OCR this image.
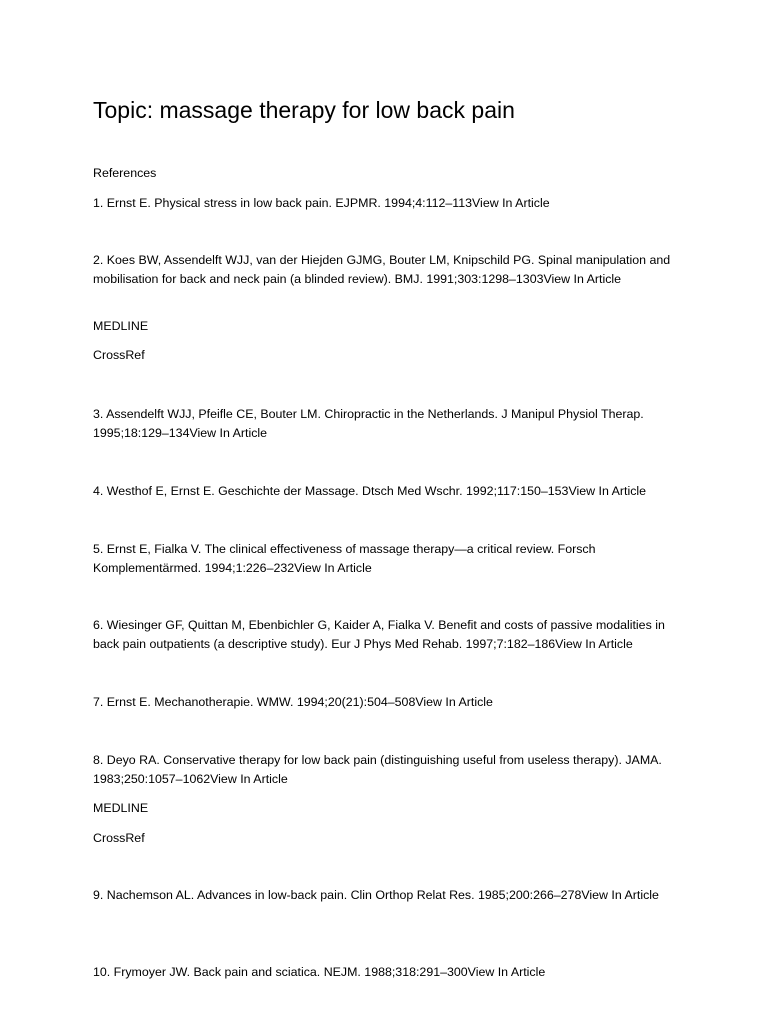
Topic: massage therapy for low back pain

References

1. Ernst E. Physical stress in low back pain. EJPMR. 1994;4:112–113View In Article

2. Koes BW, Assendelft WJJ, van der Hiejden GJMG, Bouter LM, Knipschild PG. Spinal manipulation and mobilisation for back and neck pain (a blinded review). BMJ. 1991;303:1298–1303View In Article

MEDLINE

CrossRef

3. Assendelft WJJ, Pfeifle CE, Bouter LM. Chiropractic in the Netherlands. J Manipul Physiol Therap. 1995;18:129–134View In Article

4. Westhof E, Ernst E. Geschichte der Massage. Dtsch Med Wschr. 1992;117:150–153View In Article

5. Ernst E, Fialka V. The clinical effectiveness of massage therapy—a critical review. Forsch Komplementärmed. 1994;1:226–232View In Article

6. Wiesinger GF, Quittan M, Ebenbichler G, Kaider A, Fialka V. Benefit and costs of passive modalities in back pain outpatients (a descriptive study). Eur J Phys Med Rehab. 1997;7:182–186View In Article

7. Ernst E. Mechanotherapie. WMW. 1994;20(21):504–508View In Article

8. Deyo RA. Conservative therapy for low back pain (distinguishing useful from useless therapy). JAMA. 1983;250:1057–1062View In Article

MEDLINE

CrossRef

9. Nachemson AL. Advances in low-back pain. Clin Orthop Relat Res. 1985;200:266–278View In Article

10. Frymoyer JW. Back pain and sciatica. NEJM. 1988;318:291–300View In Article
